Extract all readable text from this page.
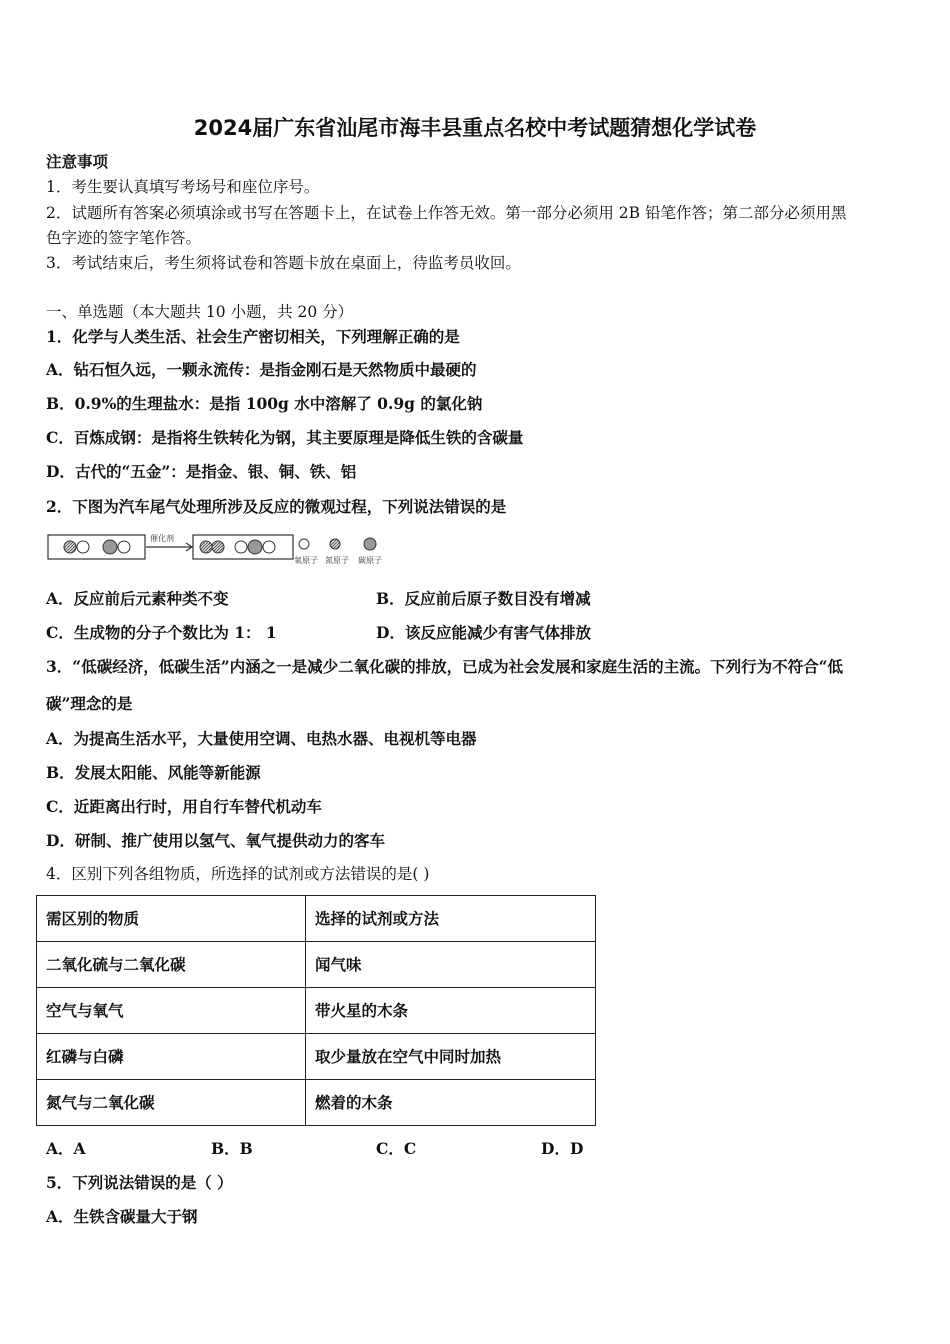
2024届广东省汕尾市海丰县重点名校中考试题猜想化学试卷
注意事项
1．考生要认真填写考场号和座位序号。
2．试题所有答案必须填涂或书写在答题卡上，在试卷上作答无效。第一部分必须用 2B 铅笔作答；第二部分必须用黑
色字迹的签字笔作答。
3．考试结束后，考生须将试卷和答题卡放在桌面上，待监考员收回。
一、单选题（本大题共 10 小题，共 20 分）
1．化学与人类生活、社会生产密切相关，下列理解正确的是
A．钻石恒久远，一颗永流传：是指金刚石是天然物质中最硬的
B．0.9%的生理盐水：是指 100g 水中溶解了 0.9g 的氯化钠
C．百炼成钢：是指将生铁转化为钢，其主要原理是降低生铁的含碳量
D．古代的“五金”：是指金、银、铜、铁、铝
2．下图为汽车尾气处理所涉及反应的微观过程，下列说法错误的是
催化剂
氧原子 氮原子 碳原子
A．反应前后元素种类不变	B．反应前后原子数目没有增减
C．生成物的分子个数比为 1： 1	D．该反应能减少有害气体排放
3．“低碳经济，低碳生活”内涵之一是减少二氧化碳的排放，已成为社会发展和家庭生活的主流。下列行为不符合“低
碳”理念的是
A．为提高生活水平，大量使用空调、电热水器、电视机等电器
B．发展太阳能、风能等新能源
C．近距离出行时，用自行车替代机动车
D．研制、推广使用以氢气、氧气提供动力的客车
4．区别下列各组物质，所选择的试剂或方法错误的是( )
需区别的物质	选择的试剂或方法
二氧化硫与二氧化碳	闻气味
空气与氧气	带火星的木条
红磷与白磷	取少量放在空气中同时加热
氮气与二氧化碳	燃着的木条
A．A	B．B	C．C	D．D
5．下列说法错误的是（ ）
A．生铁含碳量大于钢
